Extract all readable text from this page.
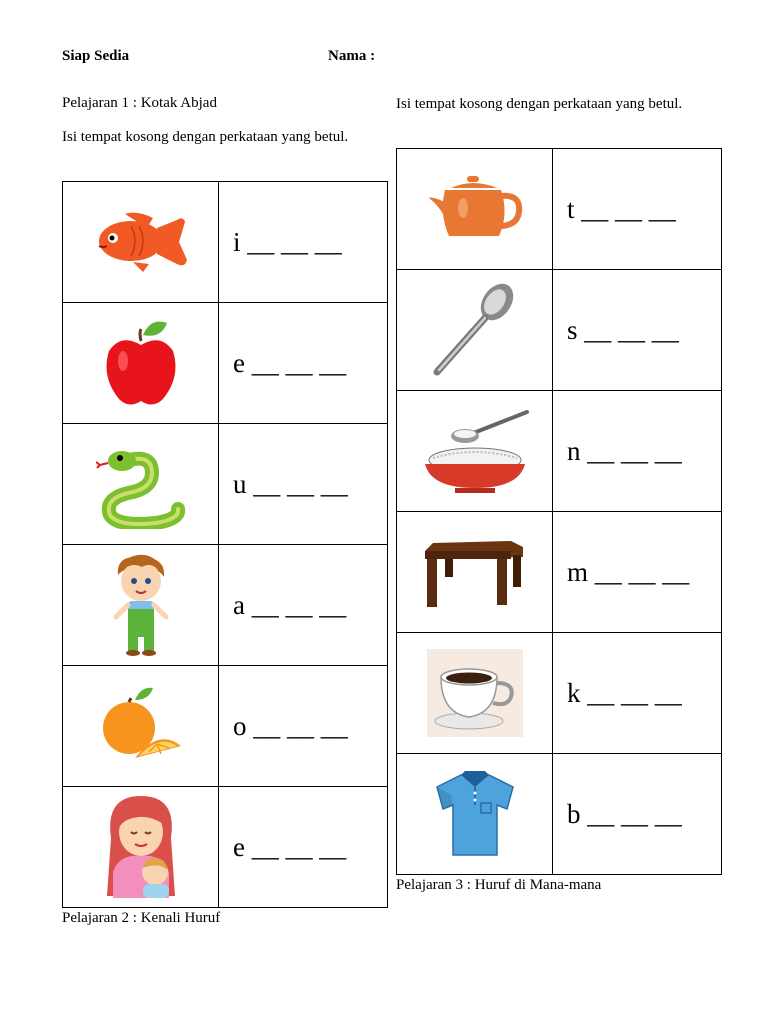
Siap Sedia	Nama :
Pelajaran 1 : Kotak Abjad
Isi tempat kosong dengan perkataan yang betul.
Isi tempat kosong dengan perkataan yang betul.
	i __ __ __

	e __ __ __

	u __ __ __

	a __ __ __

	o __ __ __

	e __ __ __
Pelajaran 2 : Kenali Huruf
	t __ __ __

	s __ __ __

	n __ __ __

	m __ __ __

	k __ __ __

	b __ __ __
Pelajaran 3 : Huruf di Mana-mana
